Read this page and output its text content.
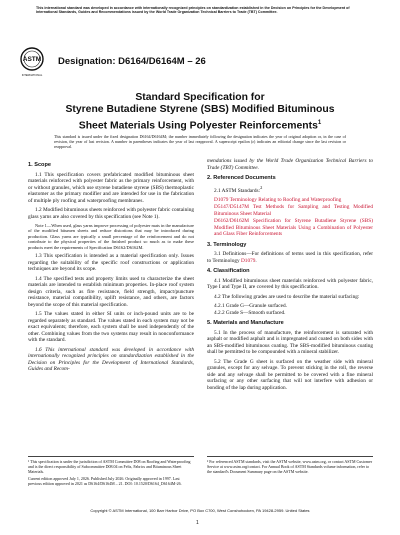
This international standard was developed in accordance with internationally recognized principles on standardization established in the Decision on Principles for the Development of International Standards, Guides and Recommendations issued by the World Trade Organization Technical Barriers to Trade (TBT) Committee.
ASTM
INTERNATIONAL
Designation: D6164/D6164M – 26
Standard Specification for
Styrene Butadiene Styrene (SBS) Modified Bituminous
Sheet Materials Using Polyester Reinforcements$^1$
This standard is issued under the fixed designation D6164/D6164M; the number immediately following the designation indicates the year of original adoption or, in the case of revision, the year of last revision. A number in parentheses indicates the year of last reapproval. A superscript epsilon (ε) indicates an editorial change since the last revision or reapproval.
1. Scope

1.1 This specification covers prefabricated modified bituminous sheet materials reinforced with polyester fabric as the primary reinforcement, with or without granules, which use styrene butadiene styrene (SBS) thermoplastic elastomer as the primary modifier and are intended for use in the fabrication of multiple ply roofing and waterproofing membranes.

1.2 Modified bituminous sheets reinforced with polyester fabric containing glass yarns are also covered by this specification (see Note 1).

Note 1—When used, glass yarns improve processing of polyester mats in the manufacture of the modified bitumen sheets and reduce distortions that may be introduced during production. Glass yarns are typically a small percentage of the reinforcement and do not contribute to the physical properties of the finished product so much as to make these products meet the requirements of Specification D6162/D6162M.

1.3 This specification is intended as a material specification only. Issues regarding the suitability of the specific roof constructions or application techniques are beyond its scope.

1.4 The specified tests and property limits used to characterize the sheet materials are intended to establish minimum properties. In-place roof system design criteria, such as fire resistance, field strength, impact/puncture resistance, material compatibility, uplift resistance, and others, are factors beyond the scope of this material specification.

1.5 The values stated in either SI units or inch-pound units are to be regarded separately as standard. The values stated in each system may not be exact equivalents; therefore, each system shall be used independently of the other. Combining values from the two systems may result in nonconformance with the standard.

1.6 This international standard was developed in accordance with internationally recognized principles on standardization established in the Decision on Principles for the Development of International Standards, Guides and Recom-

mendations issued by the World Trade Organization Technical Barriers to Trade (TBT) Committee.

2. Referenced Documents

2.1 ASTM Standards:$^2$

D1079 Terminology Relating to Roofing and Waterproofing

D5147/D5147M Test Methods for Sampling and Testing Modified Bituminous Sheet Material

D6162/D6162M Specification for Styrene Butadiene Styrene (SBS) Modified Bituminous Sheet Materials Using a Combination of Polyester and Glass Fiber Reinforcements

3. Terminology

3.1 Definitions—For definitions of terms used in this specification, refer to Terminology D1079.

4. Classification

4.1 Modified bituminous sheet materials reinforced with polyester fabric, Type I and Type II, are covered by this specification.

4.2 The following grades are used to describe the material surfacing:

4.2.1 Grade G—Granule surfaced.

4.2.2 Grade S—Smooth surfaced.

5. Materials and Manufacture

5.1 In the process of manufacture, the reinforcement is saturated with asphalt or modified asphalt and is impregnated and coated on both sides with an SBS-modified bituminous coating. The SBS-modified bituminous coating shall be permitted to be compounded with a mineral stabilizer.

5.2 The Grade G sheet is surfaced on the weather side with mineral granules, except for any selvage. To prevent sticking in the roll, the reverse side and any selvage shall be permitted to be covered with a fine mineral surfacing or any other surfacing that will not interfere with adhesion or bonding of the lap during application.

¹ This specification is under the jurisdiction of ASTM Committee D08 on Roofing and Waterproofing and is the direct responsibility of Subcommittee D08.04 on Felts, Fabrics and Bituminous Sheet Materials.

Current edition approved July 1, 2026. Published July 2026. Originally approved in 1997. Last previous edition approved in 2021 as D6164/D6164M – 21. DOI: 10.1520/D6164_D6164M-26.

² For referenced ASTM standards, visit the ASTM website, www.astm.org, or contact ASTM Customer Service at www.astm.org/contact. For Annual Book of ASTM Standards volume information, refer to the standard's Document Summary page on the ASTM website.

Copyright © ASTM International, 100 Barr Harbor Drive, PO Box C700, West Conshohocken, PA 19428-2959. United States
1
